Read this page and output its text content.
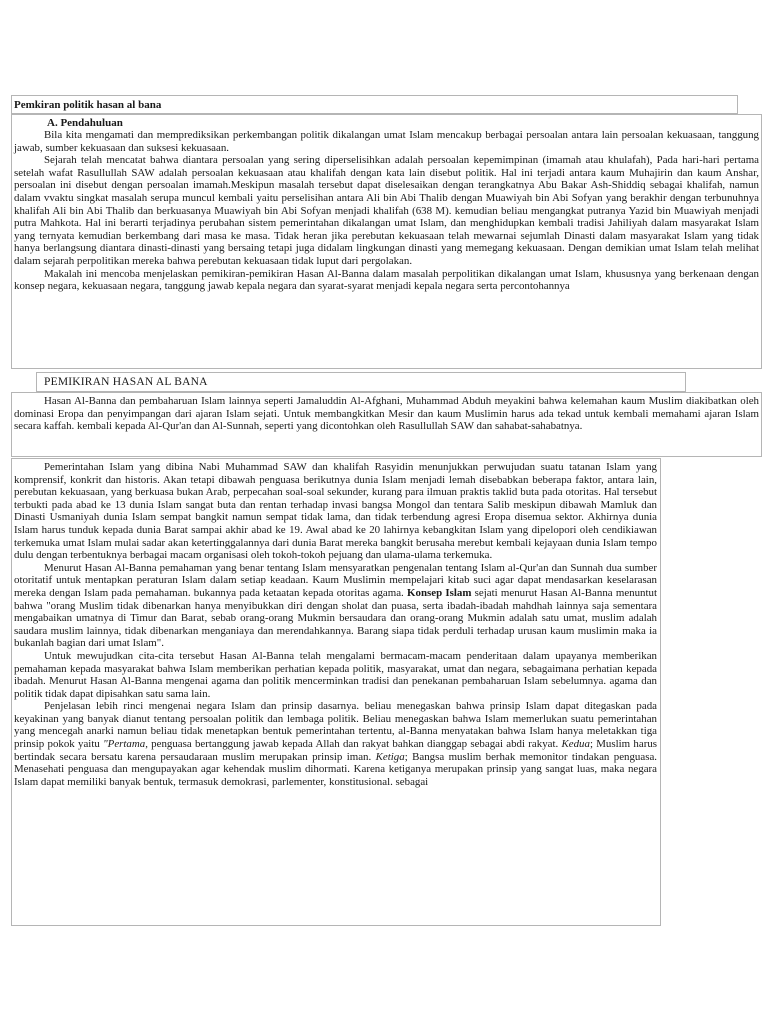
Pemkiran politik hasan al bana
A. Pendahuluan

Bila kita mengamati dan memprediksikan perkembangan politik dikalangan umat Islam mencakup berbagai persoalan antara lain persoalan kekuasaan, tanggung jawab, sumber kekuasaan dan suksesi kekuasaan.

Sejarah telah mencatat bahwa diantara persoalan yang sering diperselisihkan adalah persoalan kepemimpinan (imamah atau khulafah), Pada hari-hari pertama setelah wafat Rasullullah SAW adalah persoalan kekuasaan atau khalifah dengan kata lain disebut politik. Hal ini terjadi antara kaum Muhajirin dan kaum Anshar, persoalan ini disebut dengan persoalan imamah.Meskipun masalah tersebut dapat diselesaikan dengan terangkatnya Abu Bakar Ash-Shiddiq sebagai khalifah, namun dalam vvaktu singkat masalah serupa muncul kembali yaitu perselisihan antara Ali bin Abi Thalib dengan Muawiyah bin Abi Sofyan yang berakhir dengan terbunuhnya khalifah Ali bin Abi Thalib dan berkuasanya Muawiyah bin Abi Sofyan menjadi khalifah (638 M). kemudian beliau mengangkat putranya Yazid bin Muawiyah menjadi putra Mahkota. Hal ini berarti terjadinya perubahan sistem pemerintahan dikalangan umat Islam, dan menghidupkan kembali tradisi Jahiliyah dalam masyarakat Islam yang ternyata kemudian berkembang dari masa ke masa. Tidak heran jika perebutan kekuasaan telah mewarnai sejumlah Dinasti dalam masyarakat Islam yang tidak hanya berlangsung diantara dinasti-dinasti yang bersaing tetapi juga didalam lingkungan dinasti yang memegang kekuasaan. Dengan demikian umat Islam telah melihat dalam sejarah perpolitikan mereka bahwa perebutan kekuasaan tidak luput dari pergolakan.

Makalah ini mencoba menjelaskan pemikiran-pemikiran Hasan Al-Banna dalam masalah perpolitikan dikalangan umat Islam, khususnya yang berkenaan dengan konsep negara, kekuasaan negara, tanggung jawab kepala negara dan syarat-syarat menjadi kepala negara serta percontohannya

PEMIKIRAN HASAN AL BANA

Hasan Al-Banna dan pembaharuan Islam lainnya seperti Jamaluddin Al-Afghani, Muhammad Abduh meyakini bahwa kelemahan kaum Muslim diakibatkan oleh dominasi Eropa dan penyimpangan dari ajaran Islam sejati. Untuk membangkitkan Mesir dan kaum Muslimin harus ada tekad untuk kembali memahami ajaran Islam secara kaffah. kembali kepada Al-Qur'an dan Al-Sunnah, seperti yang dicontohkan oleh Rasullullah SAW dan sahabat-sahabatnya.

Pemerintahan Islam yang dibina Nabi Muhammad SAW dan khalifah Rasyidin menunjukkan perwujudan suatu tatanan Islam yang komprensif, konkrit dan historis. Akan tetapi dibawah penguasa berikutnya dunia Islam menjadi lemah disebabkan beberapa faktor, antara lain, perebutan kekuasaan, yang berkuasa bukan Arab, perpecahan soal-soal sekunder, kurang para ilmuan praktis taklid buta pada otoritas. Hal tersebut terbukti pada abad ke 13 dunia Islam sangat buta dan rentan terhadap invasi bangsa Mongol dan tentara Salib meskipun dibawah Mamluk dan Dinasti Usmaniyah dunia Islam sempat bangkit namun sempat tidak lama, dan tidak terbendung agresi Eropa disemua sektor. Akhirnya dunia Islam harus tunduk kepada dunia Barat sampai akhir abad ke 19. Awal abad ke 20 lahirnya kebangkitan Islam yang dipelopori oleh cendikiawan terkemuka umat Islam mulai sadar akan ketertinggalannya dari dunia Barat mereka bangkit berusaha merebut kembali kejayaan dunia Islam tempo dulu dengan terbentuknya berbagai macam organisasi oleh tokoh-tokoh pejuang dan ulama-ulama terkemuka.

Menurut Hasan Al-Banna pemahaman yang benar tentang Islam mensyaratkan pengenalan tentang Islam al-Qur'an dan Sunnah dua sumber otoritatif untuk mentapkan peraturan Islam dalam setiap keadaan. Kaum Muslimin mempelajari kitab suci agar dapat mendasarkan keselarasan mereka dengan Islam pada pemahaman. bukannya pada ketaatan kepada otoritas agama. Konsep Islam sejati menurut Hasan Al-Banna menuntut bahwa "orang Muslim tidak dibenarkan hanya menyibukkan diri dengan sholat dan puasa, serta ibadah-ibadah mahdhah lainnya saja sementara mengabaikan umatnya di Timur dan Barat, sebab orang-orang Mukmin bersaudara dan orang-orang Mukmin adalah satu umat, muslim adalah saudara muslim lainnya, tidak dibenarkan menganiaya dan merendahkannya. Barang siapa tidak perduli terhadap urusan kaum muslimin maka ia bukanlah bagian dari umat Islam".

Untuk mewujudkan cita-cita tersebut Hasan Al-Banna telah mengalami bermacam-macam penderitaan dalam upayanya memberikan pemahaman kepada masyarakat bahwa Islam memberikan perhatian kepada politik, masyarakat, umat dan negara, sebagaimana perhatian kepada ibadah. Menurut Hasan Al-Banna mengenai agama dan politik mencerminkan tradisi dan penekanan pembaharuan Islam sebelumnya. agama dan politik tidak dapat dipisahkan satu sama lain.

Penjelasan lebih rinci mengenai negara Islam dan prinsip dasarnya. beliau menegaskan bahwa prinsip Islam dapat ditegaskan pada keyakinan yang banyak dianut tentang persoalan politik dan lembaga politik. Beliau menegaskan bahwa Islam memerlukan suatu pemerintahan yang mencegah anarki namun beliau tidak menetapkan bentuk pemerintahan tertentu, al-Banna menyatakan bahwa Islam hanya meletakkan tiga prinsip pokok yaitu "Pertama, penguasa bertanggung jawab kepada Allah dan rakyat bahkan dianggap sebagai abdi rakyat. Kedua; Muslim harus bertindak secara bersatu karena persaudaraan muslim merupakan prinsip iman. Ketiga; Bangsa muslim berhak memonitor tindakan penguasa. Menasehati penguasa dan mengupayakan agar kehendak muslim dihormati. Karena ketiganya merupakan prinsip yang sangat luas, maka negara Islam dapat memiliki banyak bentuk, termasuk demokrasi, parlementer, konstitusional. sebagai
